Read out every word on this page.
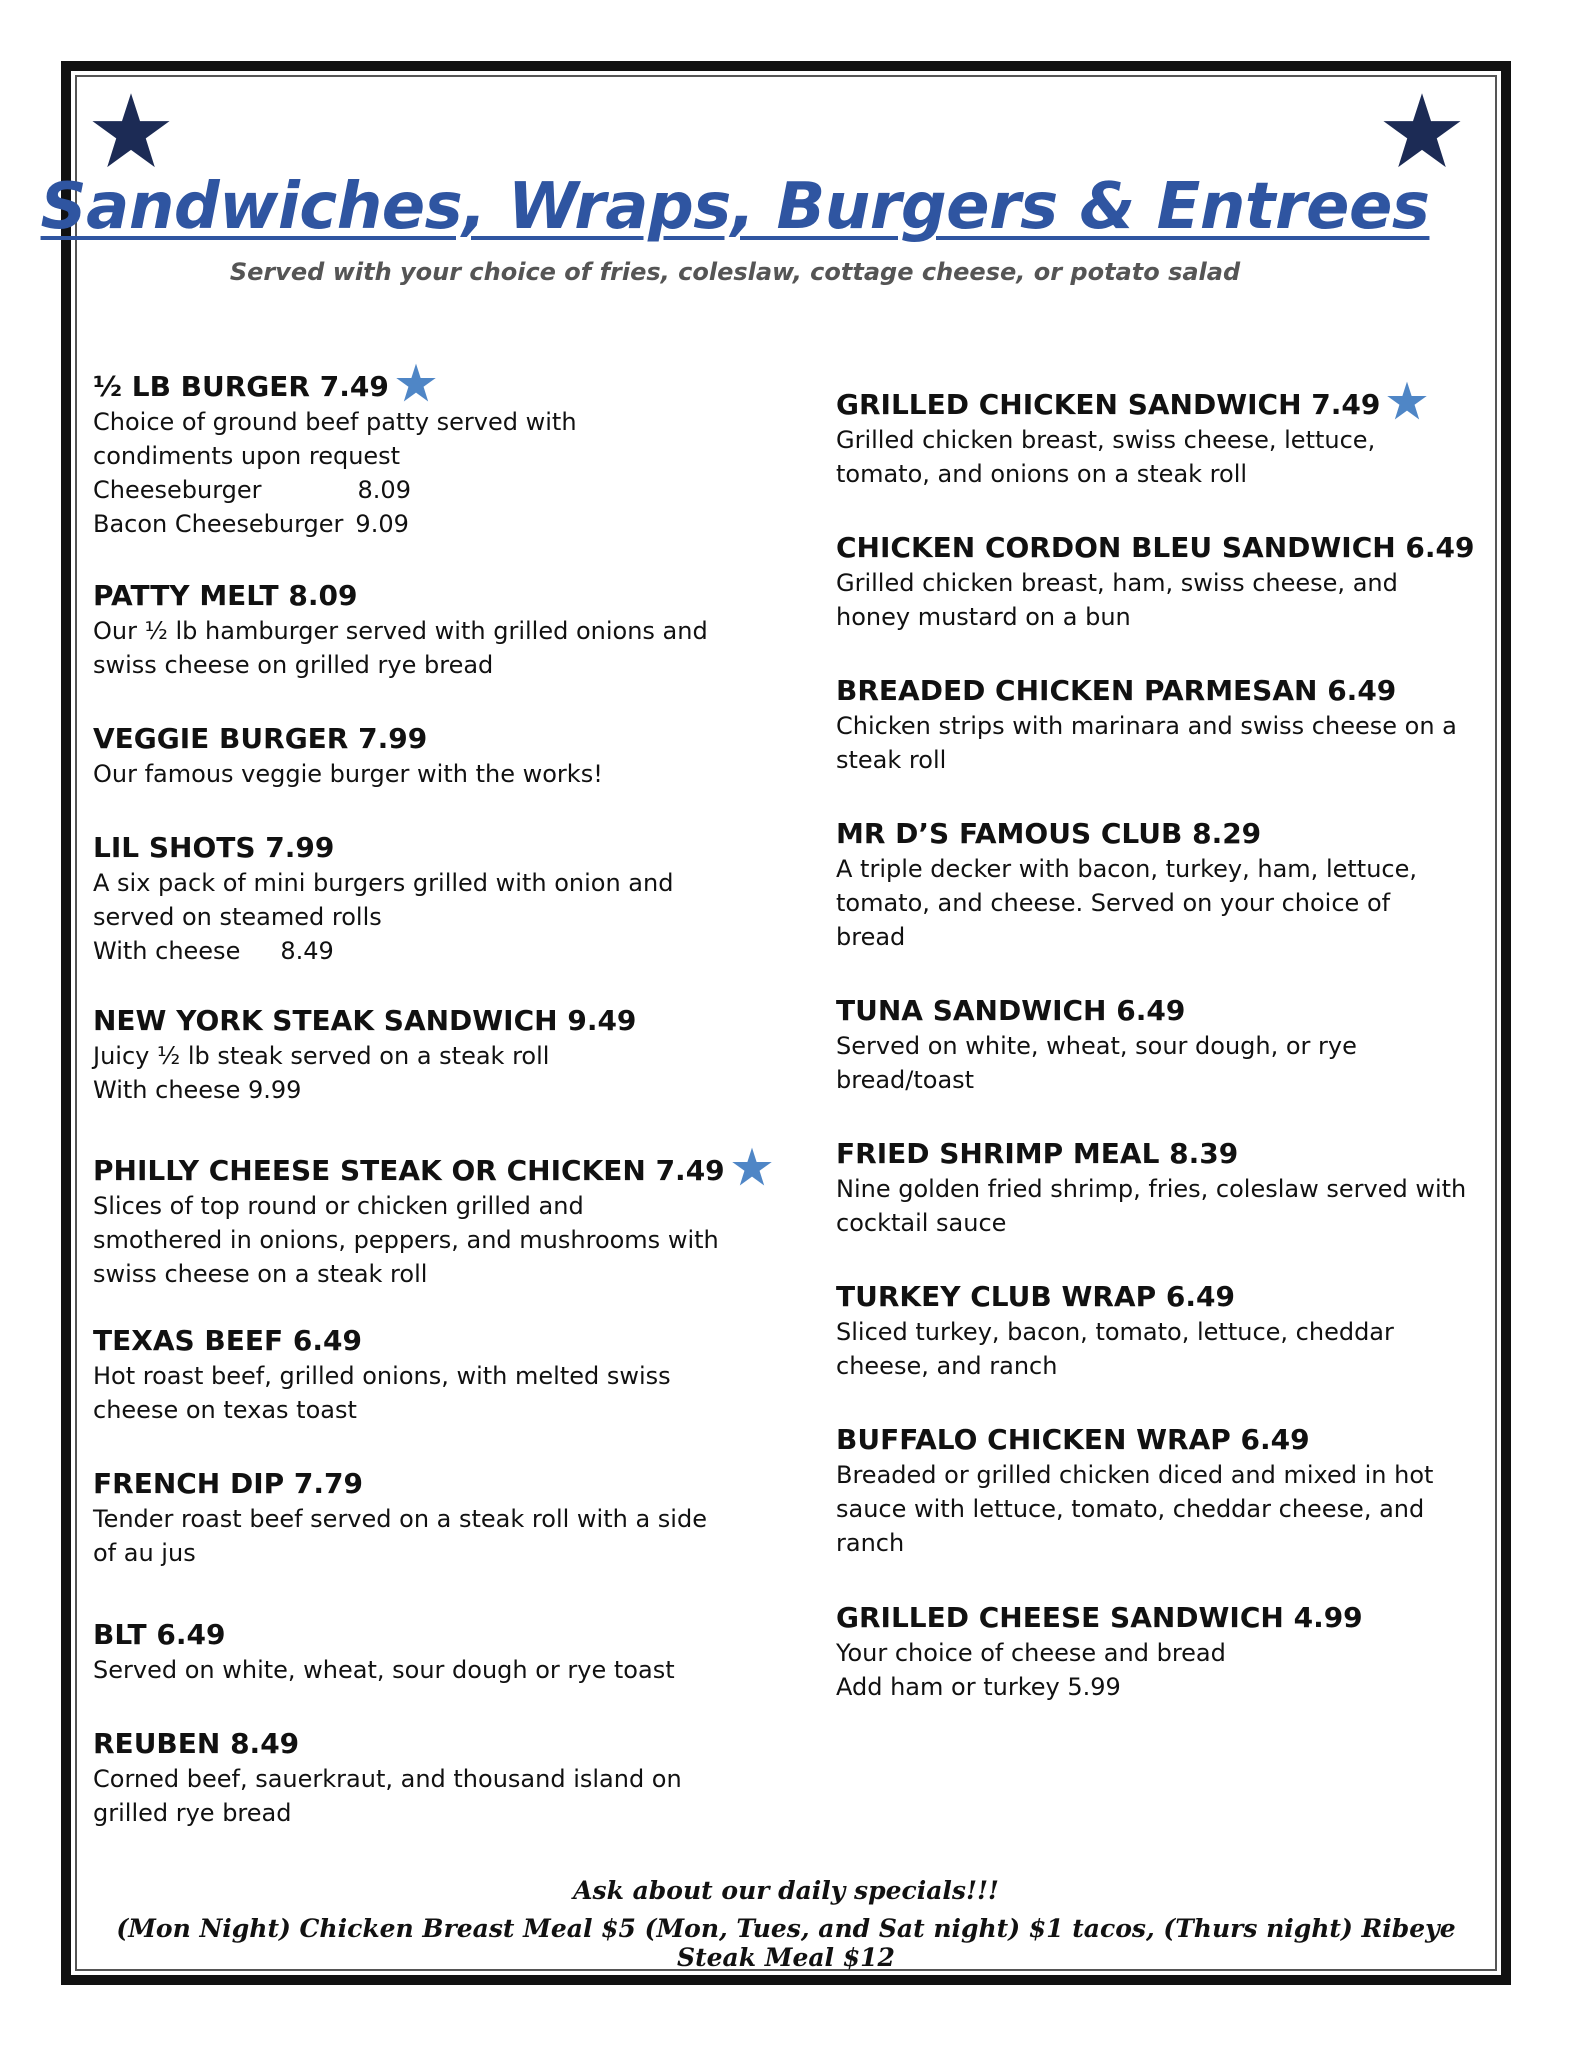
Sandwiches, Wraps, Burgers & Entrees
Served with your choice of fries, coleslaw, cottage cheese, or potato salad
½ LB BURGER 7.49
Choice of ground beef patty served with
condiments upon request
Cheeseburger	8.09
Bacon Cheeseburger 9.09
PATTY MELT 8.09
Our ½ lb hamburger served with grilled onions and
swiss cheese on grilled rye bread
VEGGIE BURGER 7.99
Our famous veggie burger with the works!
LIL SHOTS 7.99
A six pack of mini burgers grilled with onion and
served on steamed rolls
With cheese 8.49
NEW YORK STEAK SANDWICH 9.49
Juicy ½ lb steak served on a steak roll
With cheese 9.99
PHILLY CHEESE STEAK OR CHICKEN 7.49
Slices of top round or chicken grilled and
smothered in onions, peppers, and mushrooms with
swiss cheese on a steak roll
TEXAS BEEF 6.49
Hot roast beef, grilled onions, with melted swiss
cheese on texas toast
FRENCH DIP 7.79
Tender roast beef served on a steak roll with a side
of au jus
BLT 6.49
Served on white, wheat, sour dough or rye toast
REUBEN 8.49
Corned beef, sauerkraut, and thousand island on
grilled rye bread
GRILLED CHICKEN SANDWICH 7.49
Grilled chicken breast, swiss cheese, lettuce,
tomato, and onions on a steak roll
CHICKEN CORDON BLEU SANDWICH 6.49
Grilled chicken breast, ham, swiss cheese, and
honey mustard on a bun
BREADED CHICKEN PARMESAN 6.49
Chicken strips with marinara and swiss cheese on a
steak roll
MR D’S FAMOUS CLUB 8.29
A triple decker with bacon, turkey, ham, lettuce,
tomato, and cheese. Served on your choice of
bread
TUNA SANDWICH 6.49
Served on white, wheat, sour dough, or rye
bread/toast
FRIED SHRIMP MEAL 8.39
Nine golden fried shrimp, fries, coleslaw served with
cocktail sauce
TURKEY CLUB WRAP 6.49
Sliced turkey, bacon, tomato, lettuce, cheddar
cheese, and ranch
BUFFALO CHICKEN WRAP 6.49
Breaded or grilled chicken diced and mixed in hot
sauce with lettuce, tomato, cheddar cheese, and
ranch
GRILLED CHEESE SANDWICH 4.99
Your choice of cheese and bread
Add ham or turkey 5.99
Ask about our daily specials!!!
(Mon Night) Chicken Breast Meal $5 (Mon, Tues, and Sat night) $1 tacos, (Thurs night) Ribeye Steak Meal $12
